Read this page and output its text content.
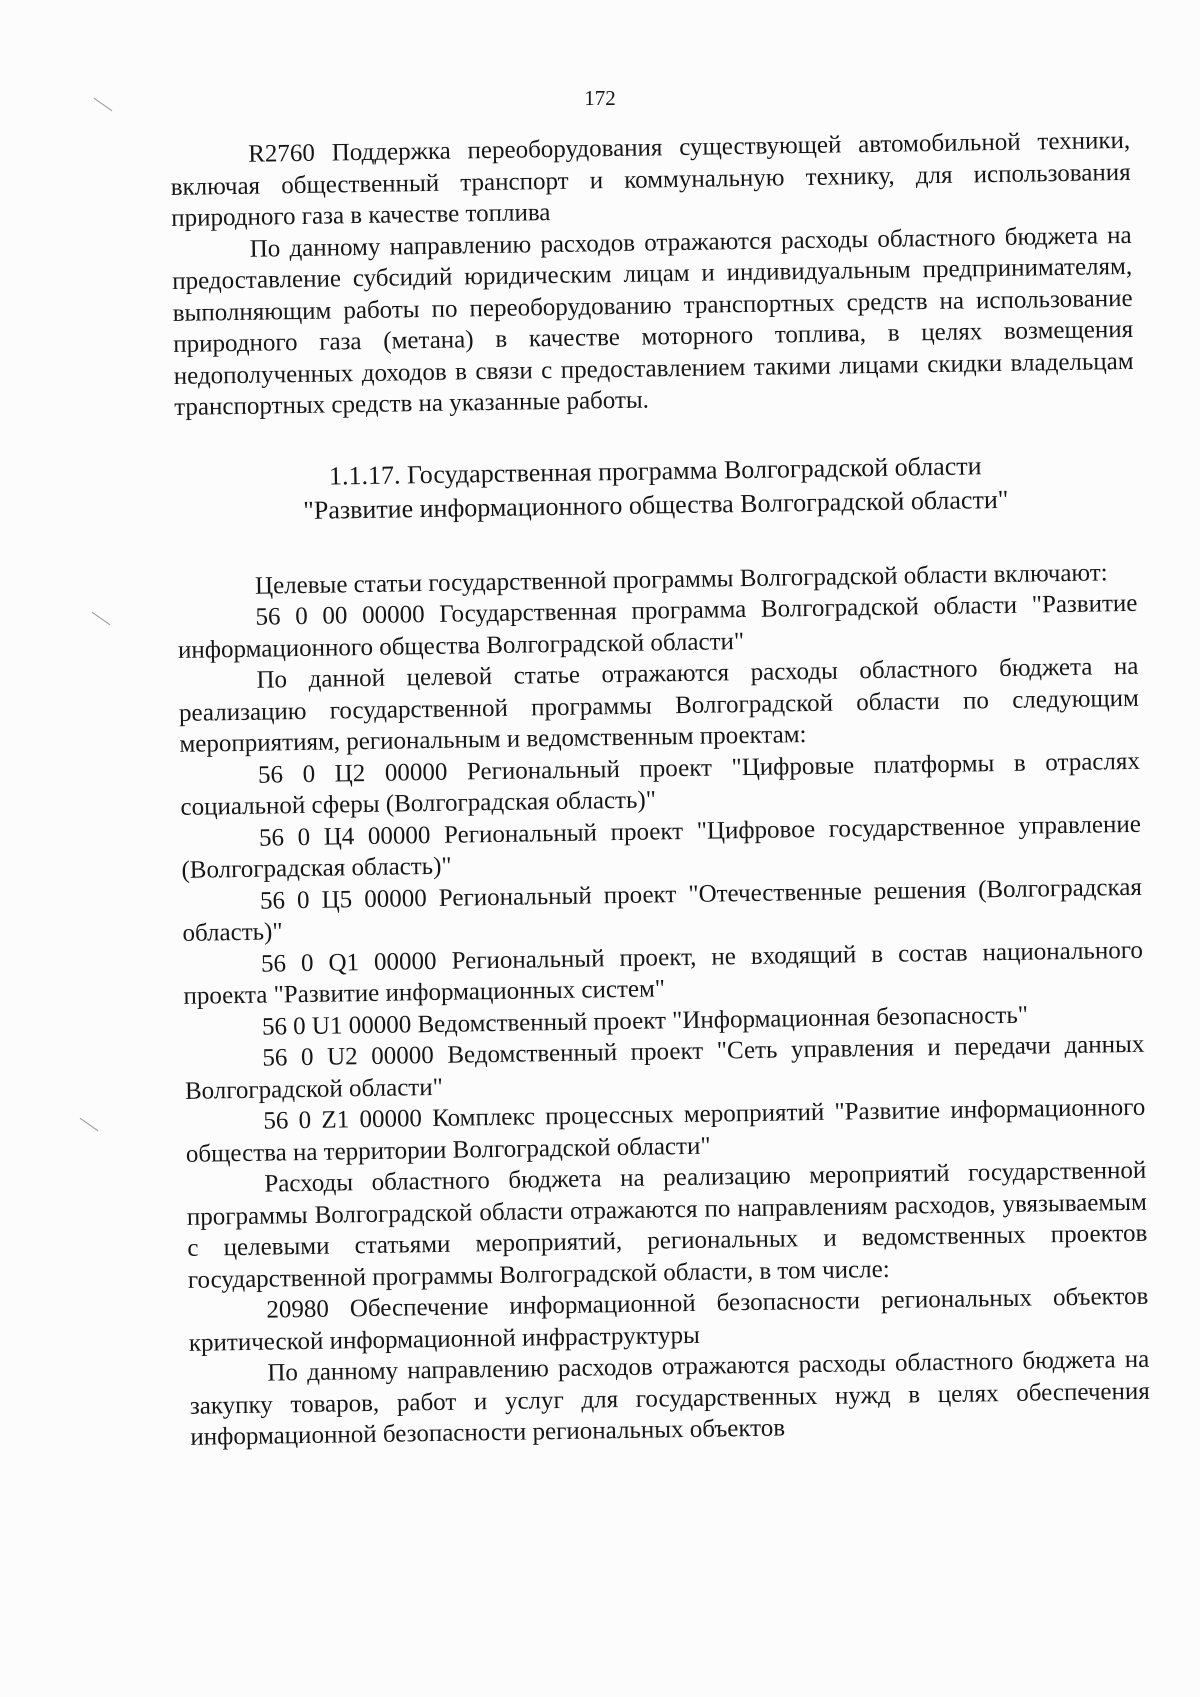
172

R2760 Поддержка переоборудования существующей автомобильной техники, включая общественный транспорт и коммунальную технику, для использования природного газа в качестве топлива

По данному направлению расходов отражаются расходы областного бюджета на предоставление субсидий юридическим лицам и индивидуальным предпринимателям, выполняющим работы по переоборудованию транспортных средств на использование природного газа (метана) в качестве моторного топлива, в целях возмещения недополученных доходов в связи с предоставлением такими лицами скидки владельцам транспортных средств на указанные работы.

1.1.17. Государственная программа Волгоградской области
"Развитие информационного общества Волгоградской области"

Целевые статьи государственной программы Волгоградской области включают:

56 0 00 00000 Государственная программа Волгоградской области "Развитие информационного общества Волгоградской области"

По данной целевой статье отражаются расходы областного бюджета на реализацию государственной программы Волгоградской области по следующим мероприятиям, региональным и ведомственным проектам:

56 0 Ц2 00000 Региональный проект "Цифровые платформы в отраслях социальной сферы (Волгоградская область)"

56 0 Ц4 00000 Региональный проект "Цифровое государственное управление (Волгоградская область)"

56 0 Ц5 00000 Региональный проект "Отечественные решения (Волгоградская область)"

56 0 Q1 00000 Региональный проект, не входящий в состав национального проекта "Развитие информационных систем"

56 0 U1 00000 Ведомственный проект "Информационная безопасность"

56 0 U2 00000 Ведомственный проект "Сеть управления и передачи данных Волгоградской области"

56 0 Z1 00000 Комплекс процессных мероприятий "Развитие информационного общества на территории Волгоградской области"

Расходы областного бюджета на реализацию мероприятий государственной программы Волгоградской области отражаются по направлениям расходов, увязываемым с целевыми статьями мероприятий, региональных и ведомственных проектов государственной программы Волгоградской области, в том числе:

20980 Обеспечение информационной безопасности региональных объектов критической информационной инфраструктуры

По данному направлению расходов отражаются расходы областного бюджета на закупку товаров, работ и услуг для государственных нужд в целях обеспечения информационной безопасности региональных объектов
